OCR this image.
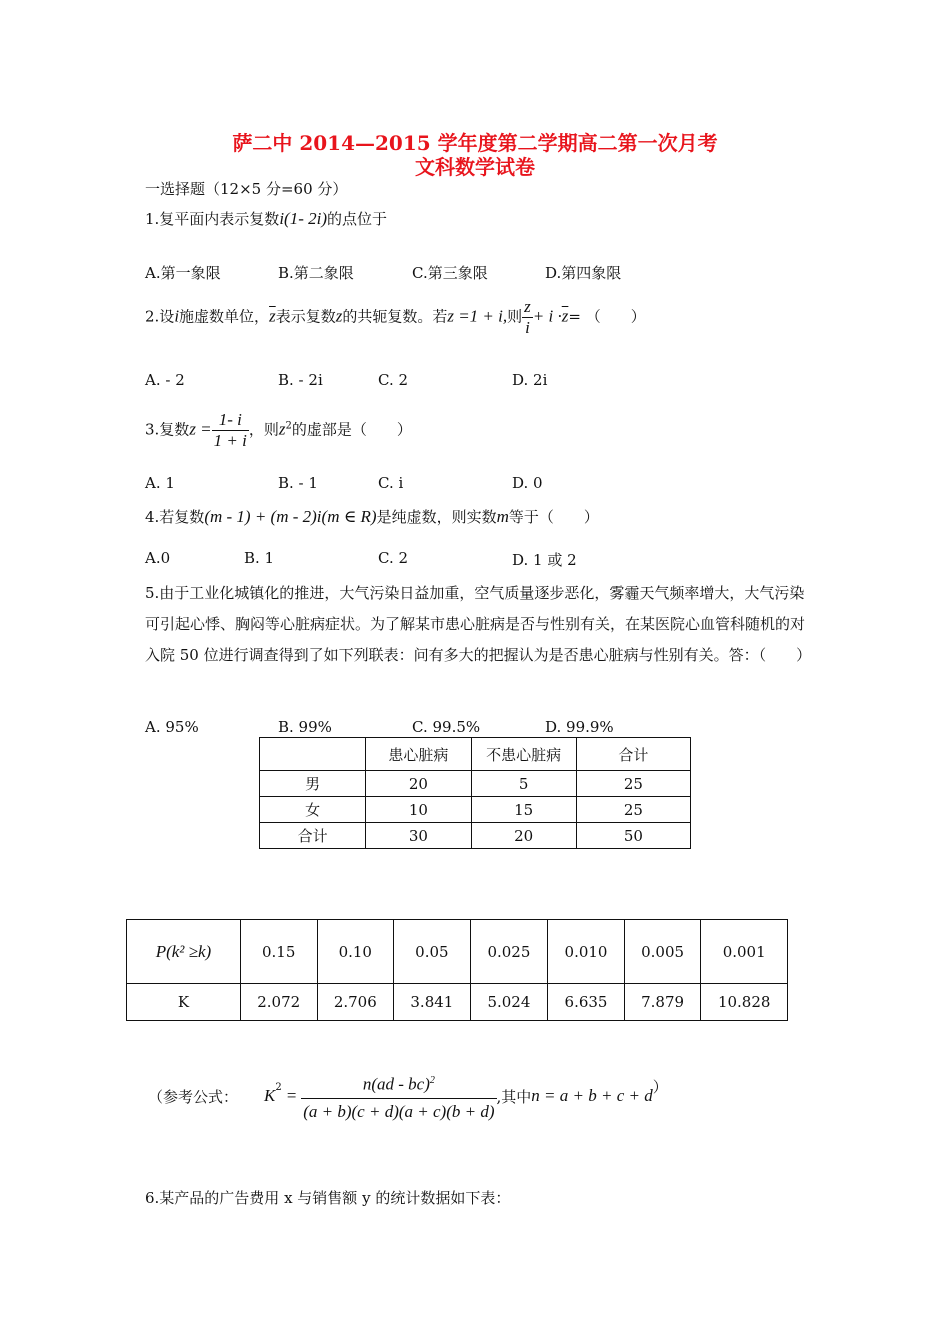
萨二中 2014—2015 学年度第二学期高二第一次月考
文科数学试卷
一选择题（12×5 分=60 分）
1.复平面内表示复数i(1- 2i)的点位于
A.第一象限	B.第二象限	C.第三象限	D.第四象限
2.设i施虚数单位，$\overline{z}$表示复数z的共轭复数。若z =1 + i,则 $\frac{z}{i} + i \cdot\overline{z}=$ （　　）
A. - 2	B. - 2i	C. 2	D. 2i
3.复数$z = \frac{1- i}{1 + i}$ ，则$z^2$的虚部是（　　）
A. 1	B. - 1	C. i	D. 0
4.若复数(m - 1) + (m - 2)i(m ∈ R)是纯虚数，则实数m等于（　　）
A.0	B. 1	C. 2	D. 1 或 2
5.由于工业化城镇化的推进，大气污染日益加重，空气质量逐步恶化，雾霾天气频率增大，大气污染可引起心悸、胸闷等心脏病症状。为了解某市患心脏病是否与性别有关，在某医院心血管科随机的对入院 50 位进行调查得到了如下列联表：问有多大的把握认为是否患心脏病与性别有关。答：（　　）
A. 95%	B. 99%	C. 99.5%	D. 99.9%
	患心脏病	不患心脏病	合计
男	20	5	25
女	10	15	25
合计	30	20	50
P(k² ≥k)	0.15	0.10	0.05	0.025	0.010	0.005	0.001
K	2.072	2.706	3.841	5.024	6.635	7.879	10.828
（参考公式： $K^2 = \frac{n(ad - bc)^2}{(a + b)(c + d)(a + c)(b + d)}$ ,其中 n = a + b + c + d ）
6.某产品的广告费用 x 与销售额 y 的统计数据如下表：
